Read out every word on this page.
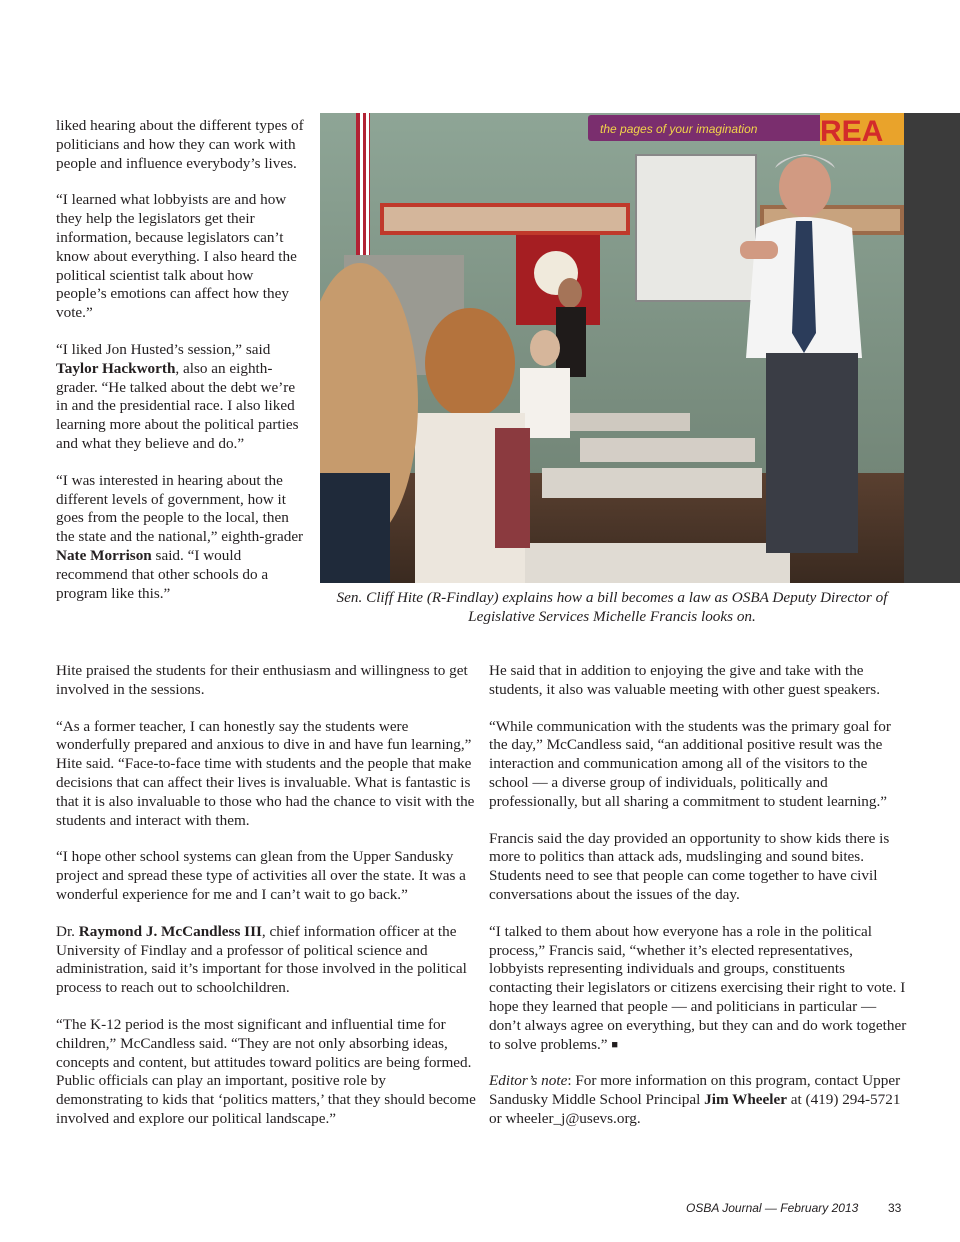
liked hearing about the different types of politicians and how they can work with people and influence everybody’s lives.

“I learned what lobbyists are and how they help the legislators get their information, because legislators can’t know about everything. I also heard the political scientist talk about how people’s emotions can affect how they vote.”

“I liked Jon Husted’s session,” said Taylor Hackworth, also an eighth-grader. “He talked about the debt we’re in and the presidential race. I also liked learning more about the political parties and what they believe and do.”

“I was interested in hearing about the different levels of government, how it goes from the people to the local, then the state and the national,” eighth-grader Nate Morrison said. “I would recommend that other schools do a program like this.”

the pages of your imagination REA
Sen. Cliff Hite (R-Findlay) explains how a bill becomes a law as OSBA Deputy Director of Legislative Services Michelle Francis looks on.

Hite praised the students for their enthusiasm and willingness to get involved in the sessions.

“As a former teacher, I can honestly say the students were wonderfully prepared and anxious to dive in and have fun learning,” Hite said. “Face-to-face time with students and the people that make decisions that can affect their lives is invaluable. What is fantastic is that it is also invaluable to those who had the chance to visit with the students and interact with them.

“I hope other school systems can glean from the Upper Sandusky project and spread these type of activities all over the state. It was a wonderful experience for me and I can’t wait to go back.”

Dr. Raymond J. McCandless III, chief information officer at the University of Findlay and a professor of political science and administration, said it’s important for those involved in the political process to reach out to schoolchildren.

“The K-12 period is the most significant and influential time for children,” McCandless said. “They are not only absorbing ideas, concepts and content, but attitudes toward politics are being formed. Public officials can play an important, positive role by demonstrating to kids that ‘politics matters,’ that they should become involved and explore our political landscape.”

He said that in addition to enjoying the give and take with the students, it also was valuable meeting with other guest speakers.

“While communication with the students was the primary goal for the day,” McCandless said, “an additional positive result was the interaction and communication among all of the visitors to the school — a diverse group of individuals, politically and professionally, but all sharing a commitment to student learning.”

Francis said the day provided an opportunity to show kids there is more to politics than attack ads, mudslinging and sound bites. Students need to see that people can come together to have civil conversations about the issues of the day.

“I talked to them about how everyone has a role in the political process,” Francis said, “whether it’s elected representatives, lobbyists representing individuals and groups, constituents contacting their legislators or citizens exercising their right to vote. I hope they learned that people — and politicians in particular — don’t always agree on everything, but they can and do work together to solve problems.” ■

Editor’s note: For more information on this program, contact Upper Sandusky Middle School Principal Jim Wheeler at (419) 294-5721 or wheeler_j@usevs.org.

OSBA Journal — February 2013 33
